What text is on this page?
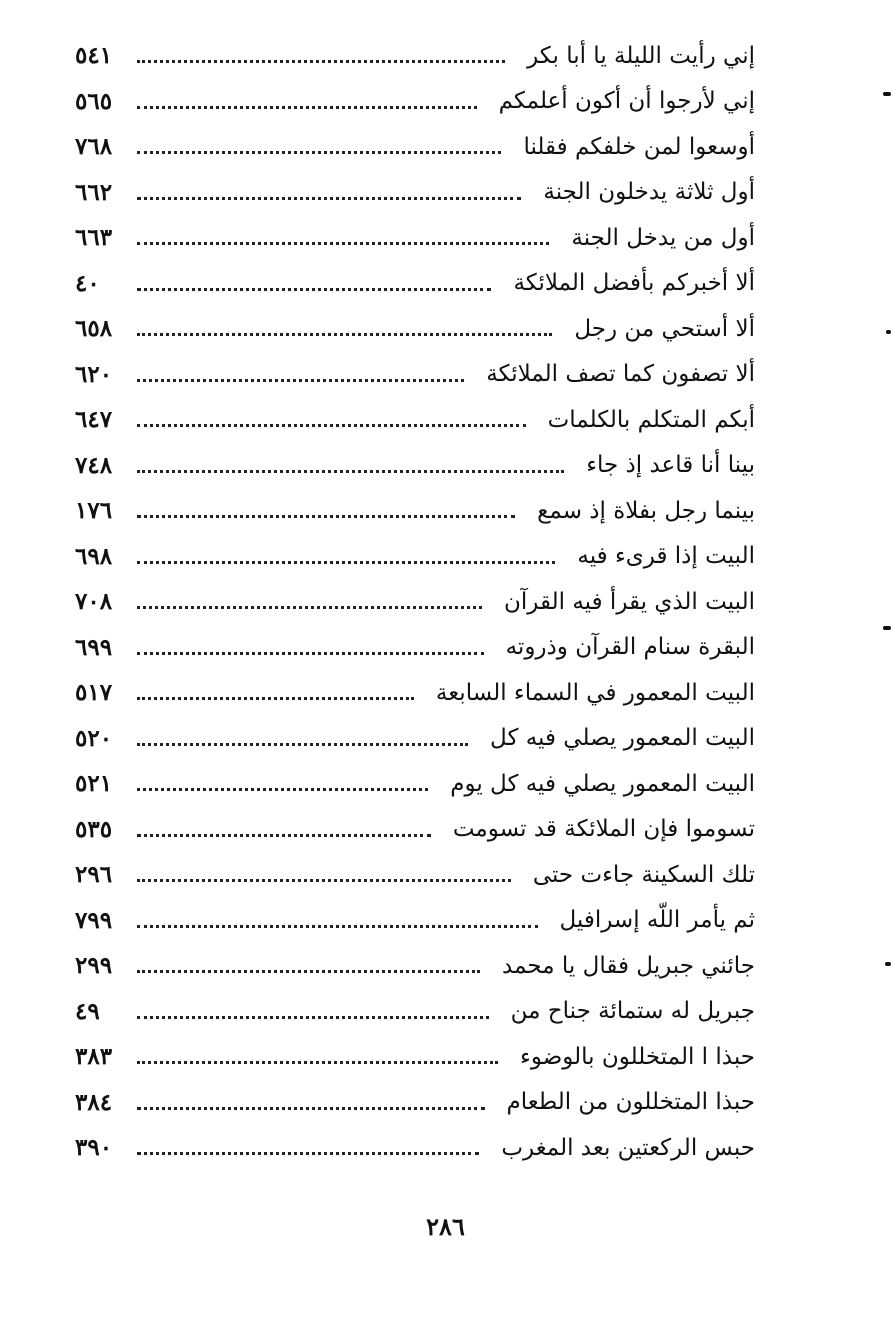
٥٤١	إني رأيت الليلة يا أبا بكر
٥٦٥	إني لأرجوا أن أكون أعلمكم
٧٦٨	أوسعوا لمن خلفكم فقلنا
٦٦٢	أول ثلاثة يدخلون الجنة
٦٦٣	أول من يدخل الجنة
٤٠	ألا أخبركم بأفضل الملائكة
٦٥٨	ألا أستحي من رجل
٦٢٠	ألا تصفون كما تصف الملائكة
٦٤٧	أبكم المتكلم بالكلمات
٧٤٨	بينا أنا قاعد إذ جاء
١٧٦	بينما رجل بفلاة إذ سمع
٦٩٨	البيت إذا قرىء فيه
٧٠٨	البيت الذي يقرأ فيه القرآن
٦٩٩	البقرة سنام القرآن وذروته
٥١٧	البيت المعمور في السماء السابعة
٥٢٠	البيت المعمور يصلي فيه كل
٥٢١	البيت المعمور يصلي فيه كل يوم
٥٣٥	تسوموا فإن الملائكة قد تسومت
٢٩٦	تلك السكينة جاءت حتى
٧٩٩	ثم يأمر اللّه إسرافيل
٢٩٩	جائني جبريل فقال يا محمد
٤٩	جبريل له ستمائة جناح من
٣٨٣	حبذا ا المتخللون بالوضوء
٣٨٤	حبذا المتخللون من الطعام
٣٩٠	حبس الركعتين بعد المغرب
٢٨٦
